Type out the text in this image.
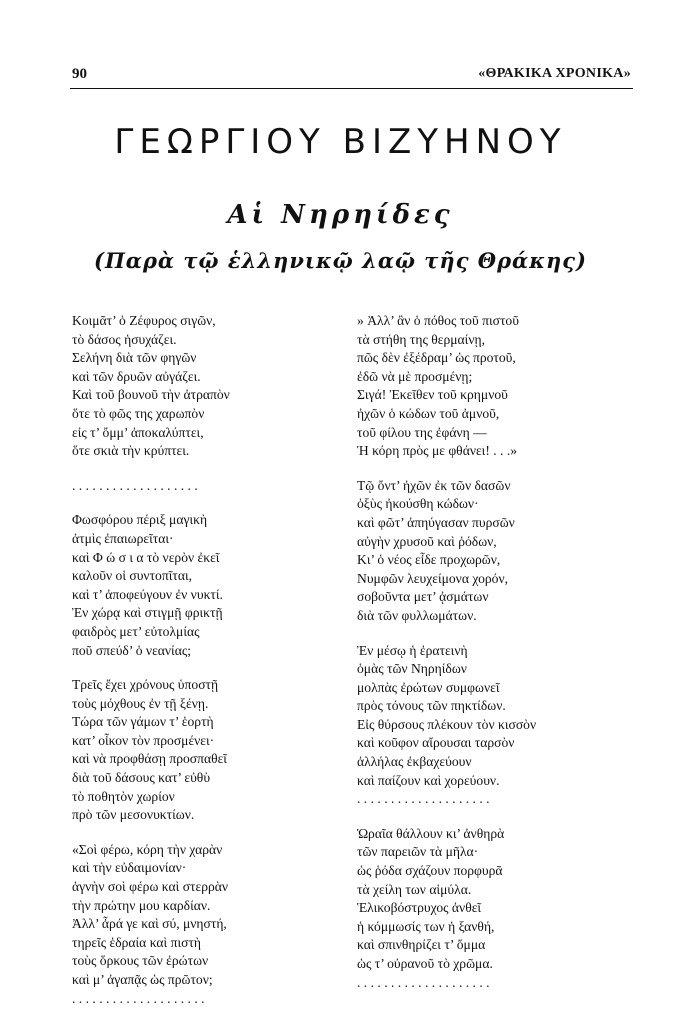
90	«ΘΡΑΚΙΚΑ ΧΡΟΝΙΚΑ»
ΓΕΩΡΓΙΟΥ ΒΙΖΥΗΝΟΥ
Αἱ Νηρηίδες
(Παρὰ τῷ ἑλληνικῷ λαῷ τῆς Θράκης)
Κοιμᾶτ’ ὁ Ζέφυρος σιγῶν,
τὸ δάσος ἡσυχάζει.
Σελήνη διὰ τῶν φηγῶν
καὶ τῶν δρυῶν αὐγάζει.
Καὶ τοῦ βουνοῦ τὴν ἀτραπὸν
ὅτε τὸ φῶς της χαρωπὸν
εἰς τ’ ὄμμ’ ἀποκαλύπτει,
ὅτε σκιὰ τὴν κρύπτει.
. . . . . . . . . . . . . . . . . . .
Φωσφόρου πέριξ μαγικὴ
ἀτμὶς ἐπαιωρεῖται·
καὶ Φ ώ σ ι α τὸ νερὸν ἐκεῖ
καλοῦν οἱ συντοπῖται,
καὶ τ’ ἀποφεύγουν ἐν νυκτί.
Ἐν χώρᾳ καὶ στιγμῇ φρικτῇ
φαιδρὸς μετ’ εὐτολμίας
ποῦ σπεύδ’ ὁ νεανίας;
Τρεῖς ἔχει χρόνους ὑποστῇ
τοὺς μόχθους ἐν τῇ ξένῃ.
Τώρα τῶν γάμων τ’ ἑορτὴ
κατ’ οἶκον τὸν προσμένει·
καὶ νὰ προφθάσῃ προσπαθεῖ
διὰ τοῦ δάσους κατ’ εὐθὺ
τὸ ποθητὸν χωρίον
πρὸ τῶν μεσονυκτίων.
«Σοὶ φέρω, κόρη τὴν χαρὰν
καὶ τὴν εὐδαιμονίαν·
ἁγνὴν σοὶ φέρω καὶ στερρὰν
τὴν πρώτην μου καρδίαν.
Ἀλλ’ ἆρά γε καὶ σύ, μνηστή,
τηρεῖς ἑδραία καὶ πιστὴ
τοὺς ὅρκους τῶν ἐρώτων
καὶ μ’ ἀγαπᾷς ὡς πρῶτον;
. . . . . . . . . . . . . . . . . . . .
» Ἀλλ’ ἂν ὁ πόθος τοῦ πιστοῦ
τὰ στήθη της θερμαίνῃ,
πῶς δὲν ἐξέδραμ’ ὡς προτοῦ,
ἐδῶ νὰ μὲ προσμένῃ;
Σιγά! Ἐκεῖθεν τοῦ κρημνοῦ
ἠχῶν ὁ κώδων τοῦ ἀμνοῦ,
τοῦ φίλου της ἐφάνη —
Ἡ κόρη πρὸς με φθάνει! . . .»
Τῷ ὄντ’ ἠχῶν ἐκ τῶν δασῶν
ὀξὺς ἠκούσθη κώδων·
καὶ φῶτ’ ἀπηύγασαν πυρσῶν
αὐγὴν χρυσοῦ καὶ ῥόδων,
Κι’ ὁ νέος εἶδε προχωρῶν,
Νυμφῶν λευχείμονα χορόν,
σοβοῦντα μετ’ ᾀσμάτων
διὰ τῶν φυλλωμάτων.
Ἐν μέσῳ ἡ ἐρατεινὴ
ὁμὰς τῶν Νηρηίδων
μολπὰς ἐρώτων συμφωνεῖ
πρὸς τόνους τῶν πηκτίδων.
Εἰς θύρσους πλέκουν τὸν κισσὸν
καὶ κοῦφον αἴρουσαι ταρσὸν
ἀλλήλας ἐκβαχεύουν
καὶ παίζουν καὶ χορεύουν.
. . . . . . . . . . . . . . . . . . . .
Ὡραῖα θάλλουν κι’ ἀνθηρὰ
τῶν παρειῶν τὰ μῆλα·
ὡς ῥόδα σχάζουν πορφυρᾶ
τὰ χείλη των αἱμύλα.
Ἑλικοβόστρυχος ἀνθεῖ
ἡ κόμμωσίς των ἡ ξανθή,
καὶ σπινθηρίζει τ’ ὄμμα
ὡς τ’ οὐρανοῦ τὸ χρῶμα.
. . . . . . . . . . . . . . . . . . . .
